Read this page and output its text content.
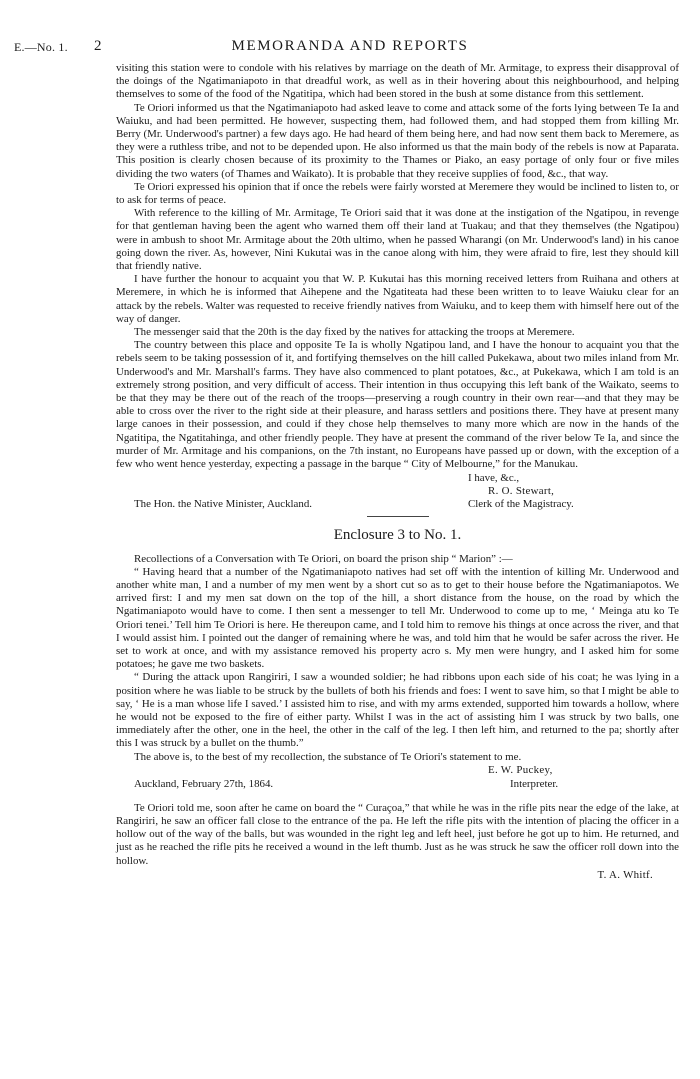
E.—No. 1. 2	MEMORANDA AND REPORTS

visiting this station were to condole with his relatives by marriage on the death of Mr. Armitage, to express their disapproval of the doings of the Ngatimaniapoto in that dreadful work, as well as in their hovering about this neighbourhood, and helping themselves to some of the food of the Ngatitipa, which had been stored in the bush at some distance from this settlement.

Te Oriori informed us that the Ngatimaniapoto had asked leave to come and attack some of the forts lying between Te Ia and Waiuku, and had been permitted. He however, suspecting them, had followed them, and had stopped them from killing Mr. Berry (Mr. Underwood's partner) a few days ago. He had heard of them being here, and had now sent them back to Meremere, as they were a ruthless tribe, and not to be depended upon. He also informed us that the main body of the rebels is now at Paparata. This position is clearly chosen because of its proximity to the Thames or Piako, an easy portage of only four or five miles dividing the two waters (of Thames and Waikato). It is probable that they receive supplies of food, &c., that way.

Te Oriori expressed his opinion that if once the rebels were fairly worsted at Meremere they would be inclined to listen to, or to ask for terms of peace.

With reference to the killing of Mr. Armitage, Te Oriori said that it was done at the instigation of the Ngatipou, in revenge for that gentleman having been the agent who warned them off their land at Tuakau; and that they themselves (the Ngatipou) were in ambush to shoot Mr. Armitage about the 20th ultimo, when he passed Wharangi (on Mr. Underwood's land) in his canoe going down the river. As, however, Nini Kukutai was in the canoe along with him, they were afraid to fire, lest they should kill that friendly native.

I have further the honour to acquaint you that W. P. Kukutai has this morning received letters from Ruihana and others at Meremere, in which he is informed that Aihepene and the Ngatiteata had these been written to to leave Waiuku clear for an attack by the rebels. Walter was requested to receive friendly natives from Waiuku, and to keep them with himself here out of the way of danger.

The messenger said that the 20th is the day fixed by the natives for attacking the troops at Meremere.

The country between this place and opposite Te Ia is wholly Ngatipou land, and I have the honour to acquaint you that the rebels seem to be taking possession of it, and fortifying themselves on the hill called Pukekawa, about two miles inland from Mr. Underwood's and Mr. Marshall's farms. They have also commenced to plant potatoes, &c., at Pukekawa, which I am told is an extremely strong position, and very difficult of access. Their intention in thus occupying this left bank of the Waikato, seems to be that they may be there out of the reach of the troops—preserving a rough country in their own rear—and that they may be able to cross over the river to the right side at their pleasure, and harass settlers and positions there. They have at present many large canoes in their possession, and could if they chose help themselves to many more which are now in the hands of the Ngatitipa, the Ngatitahinga, and other friendly people. They have at present the command of the river below Te Ia, and since the murder of Mr. Armitage and his companions, on the 7th instant, no Europeans have passed up or down, with the exception of a few who went hence yesterday, expecting a passage in the barque “ City of Melbourne,” for the Manukau.

I have, &c.,
R. O. Stewart,
The Hon. the Native Minister, Auckland.	Clerk of the Magistracy.
Enclosure 3 to No. 1.

Recollections of a Conversation with Te Oriori, on board the prison ship “ Marion” :—

“ Having heard that a number of the Ngatimaniapoto natives had set off with the intention of killing Mr. Underwood and another white man, I and a number of my men went by a short cut so as to get to their house before the Ngatimaniapotos. We arrived first: I and my men sat down on the top of the hill, a short distance from the house, on the road by which the Ngatimaniapoto would have to come. I then sent a messenger to tell Mr. Underwood to come up to me, ‘ Meinga atu ko Te Oriori tenei.’ Tell him Te Oriori is here. He thereupon came, and I told him to remove his things at once across the river, and that I would assist him. I pointed out the danger of remaining where he was, and told him that he would be safer across the river. He set to work at once, and with my assistance removed his property acro s. My men were hungry, and I asked him for some potatoes; he gave me two baskets.

“ During the attack upon Rangiriri, I saw a wounded soldier; he had ribbons upon each side of his coat; he was lying in a position where he was liable to be struck by the bullets of both his friends and foes: I went to save him, so that I might be able to say, ‘ He is a man whose life I saved.’ I assisted him to rise, and with my arms extended, supported him towards a hollow, where he would not be exposed to the fire of either party. Whilst I was in the act of assisting him I was struck by two balls, one immediately after the other, one in the heel, the other in the calf of the leg. I then left him, and returned to the pa; shortly after this I was struck by a bullet on the thumb.”

The above is, to the best of my recollection, the substance of Te Oriori's statement to me.

E. W. Puckey,
Auckland, February 27th, 1864.	Interpreter.

Te Oriori told me, soon after he came on board the “ Curaçoa,” that while he was in the rifle pits near the edge of the lake, at Rangiriri, he saw an officer fall close to the entrance of the pa. He left the rifle pits with the intention of placing the officer in a hollow out of the way of the balls, but was wounded in the right leg and left heel, just before he got up to him. He returned, and just as he reached the rifle pits he received a wound in the left thumb. Just as he was struck he saw the officer roll down into the hollow.

T. A. Whitf.
